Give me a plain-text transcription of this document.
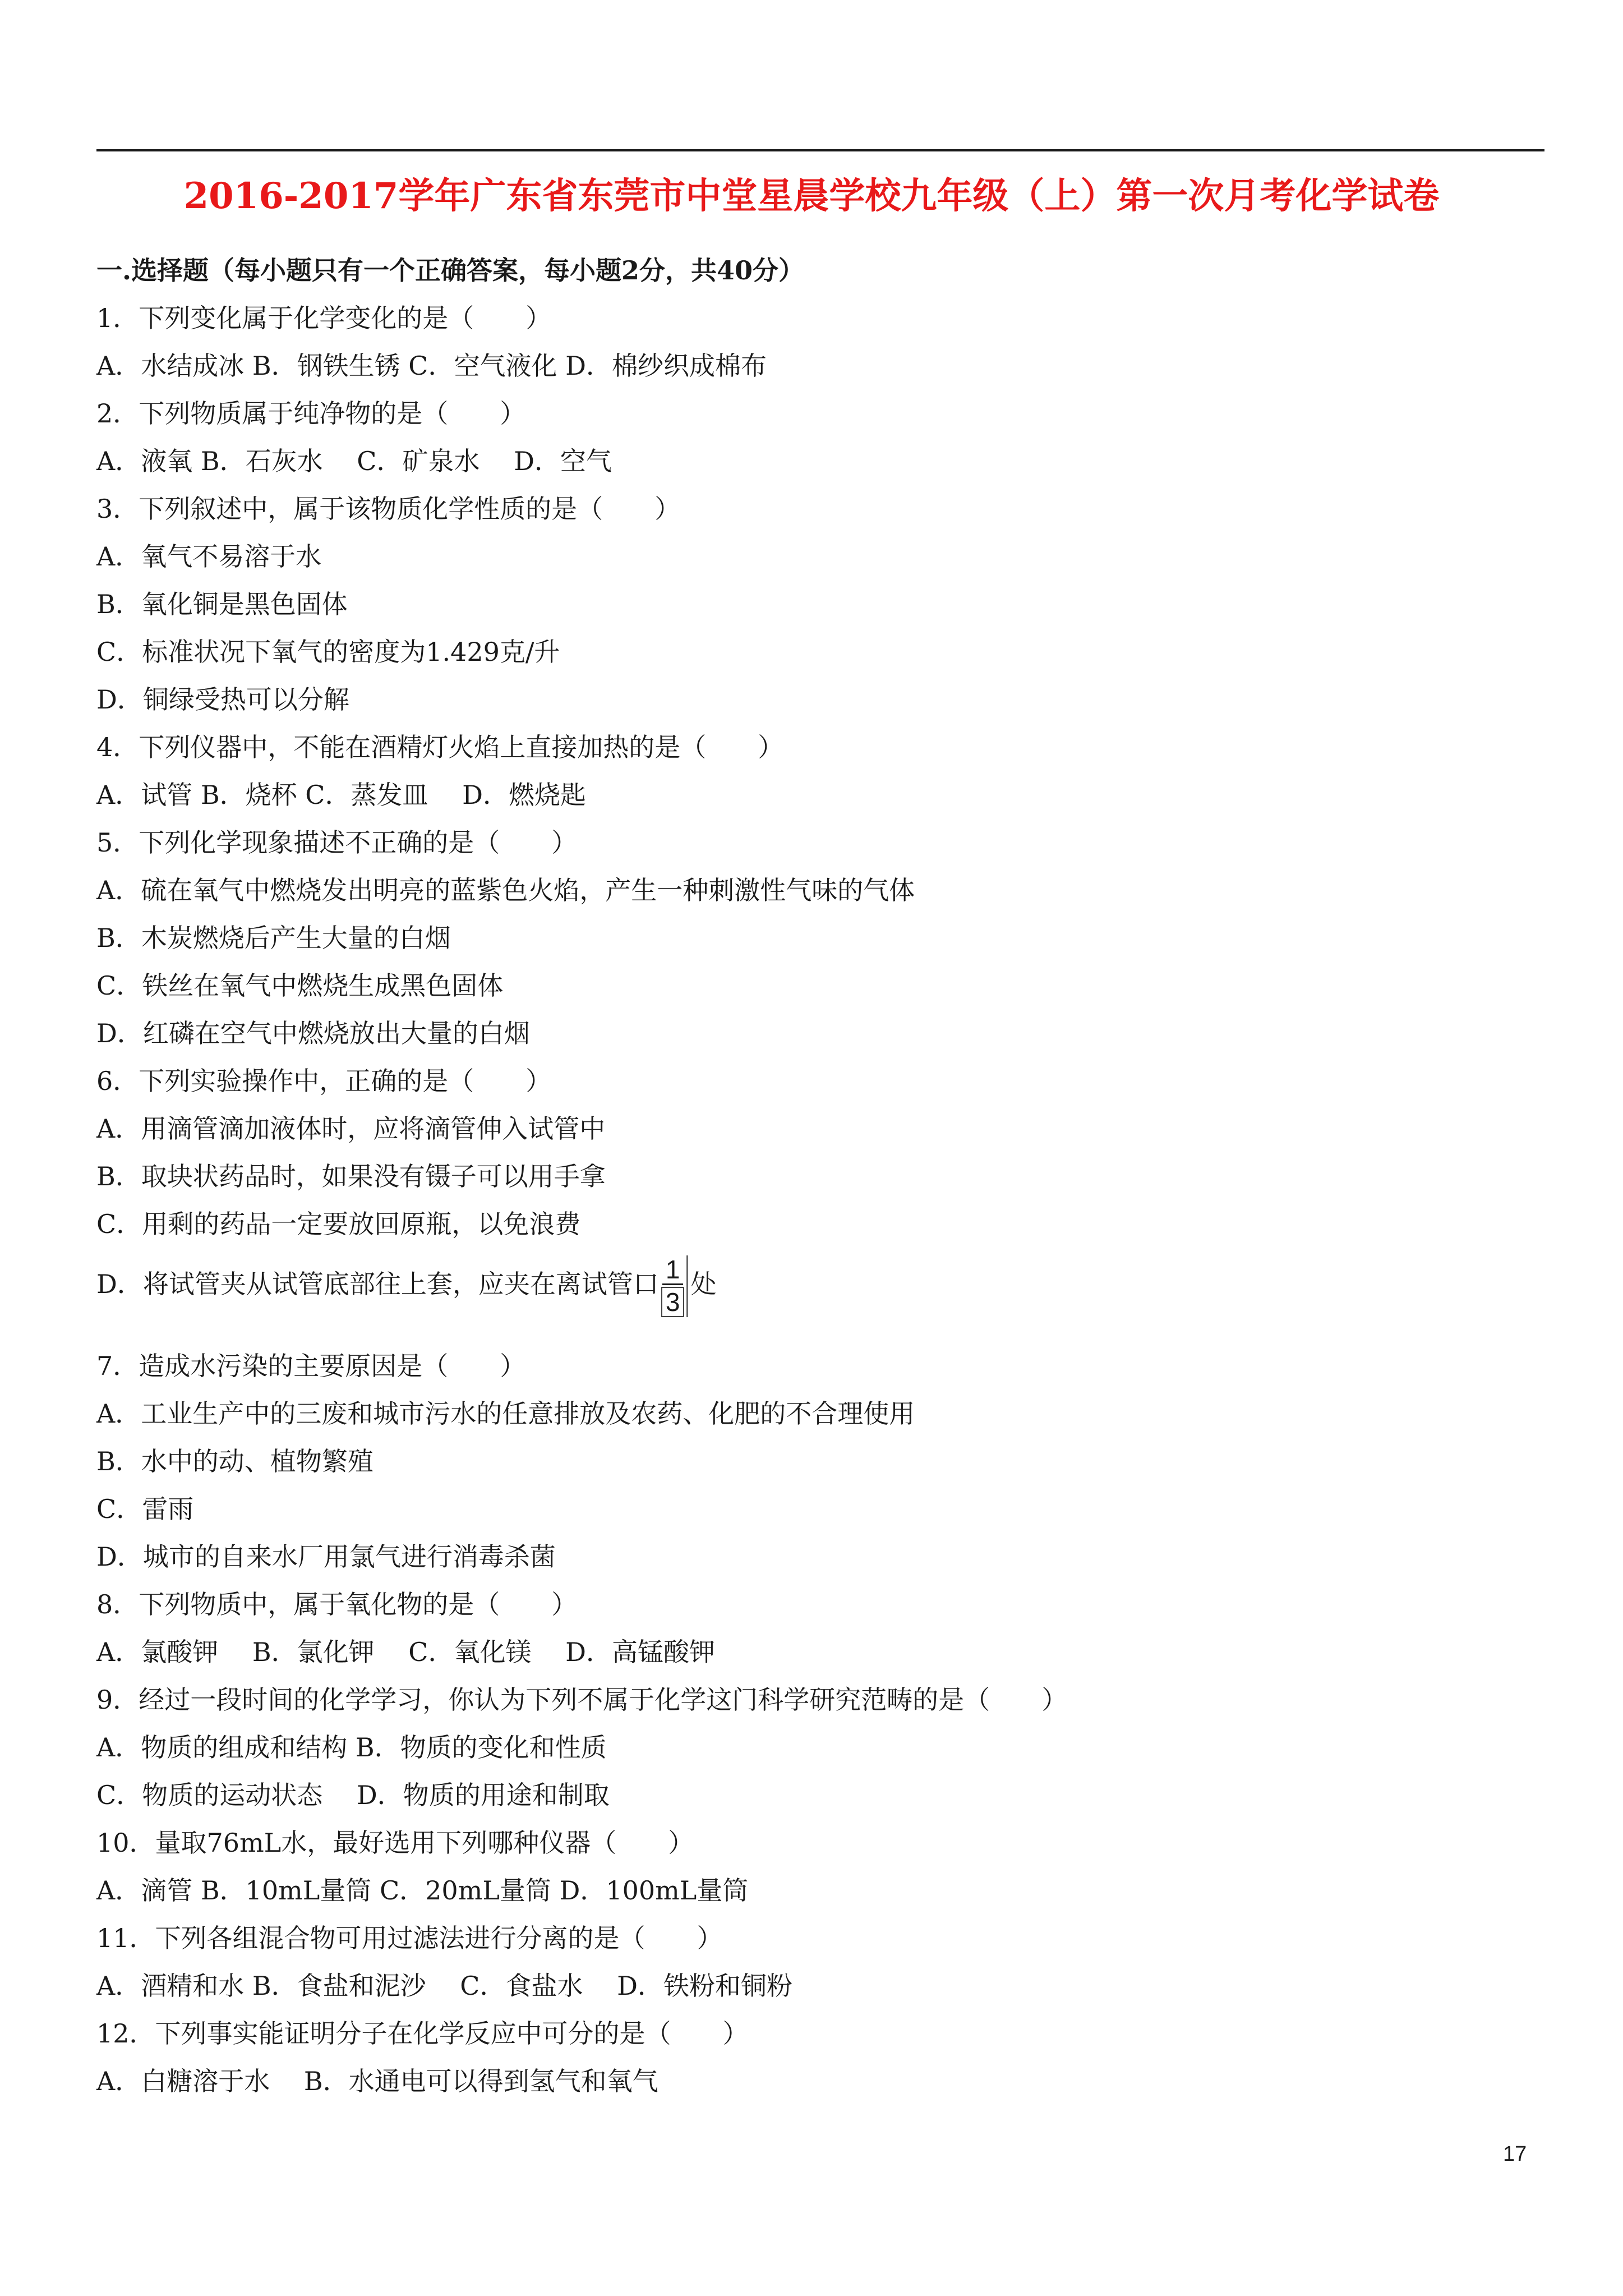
2016-2017学年广东省东莞市中堂星晨学校九年级（上）第一次月考化学试卷
一.选择题（每小题只有一个正确答案，每小题2分，共40分）
1．下列变化属于化学变化的是（　　）
A．水结成冰 B．钢铁生锈 C．空气液化 D．棉纱织成棉布
2．下列物质属于纯净物的是（　　）
A．液氧 B．石灰水　 C．矿泉水　 D．空气
3．下列叙述中，属于该物质化学性质的是（　　）
A．氧气不易溶于水
B．氧化铜是黑色固体
C．标准状况下氧气的密度为1.429克/升
D．铜绿受热可以分解
4．下列仪器中，不能在酒精灯火焰上直接加热的是（　　）
A．试管 B．烧杯 C．蒸发皿　 D．燃烧匙
5．下列化学现象描述不正确的是（　　）
A．硫在氧气中燃烧发出明亮的蓝紫色火焰，产生一种刺激性气味的气体
B．木炭燃烧后产生大量的白烟
C．铁丝在氧气中燃烧生成黑色固体
D．红磷在空气中燃烧放出大量的白烟
6．下列实验操作中，正确的是（　　）
A．用滴管滴加液体时，应将滴管伸入试管中
B．取块状药品时，如果没有镊子可以用手拿
C．用剩的药品一定要放回原瓶，以免浪费
D．将试管夹从试管底部往上套，应夹在离试管口 $\frac{1}{3}$ 处
7．造成水污染的主要原因是（　　）
A．工业生产中的三废和城市污水的任意排放及农药、化肥的不合理使用
B．水中的动、植物繁殖
C．雷雨
D．城市的自来水厂用氯气进行消毒杀菌
8．下列物质中，属于氧化物的是（　　）
A．氯酸钾　 B．氯化钾　 C．氧化镁　 D．高锰酸钾
9．经过一段时间的化学学习，你认为下列不属于化学这门科学研究范畴的是（　　）
A．物质的组成和结构 B．物质的变化和性质
C．物质的运动状态　 D．物质的用途和制取
10．量取76mL水，最好选用下列哪种仪器（　　）
A．滴管 B．10mL量筒 C．20mL量筒 D．100mL量筒
11．下列各组混合物可用过滤法进行分离的是（　　）
A．酒精和水 B．食盐和泥沙　 C．食盐水　 D．铁粉和铜粉
12．下列事实能证明分子在化学反应中可分的是（　　）
A．白糖溶于水　 B．水通电可以得到氢气和氧气
17
